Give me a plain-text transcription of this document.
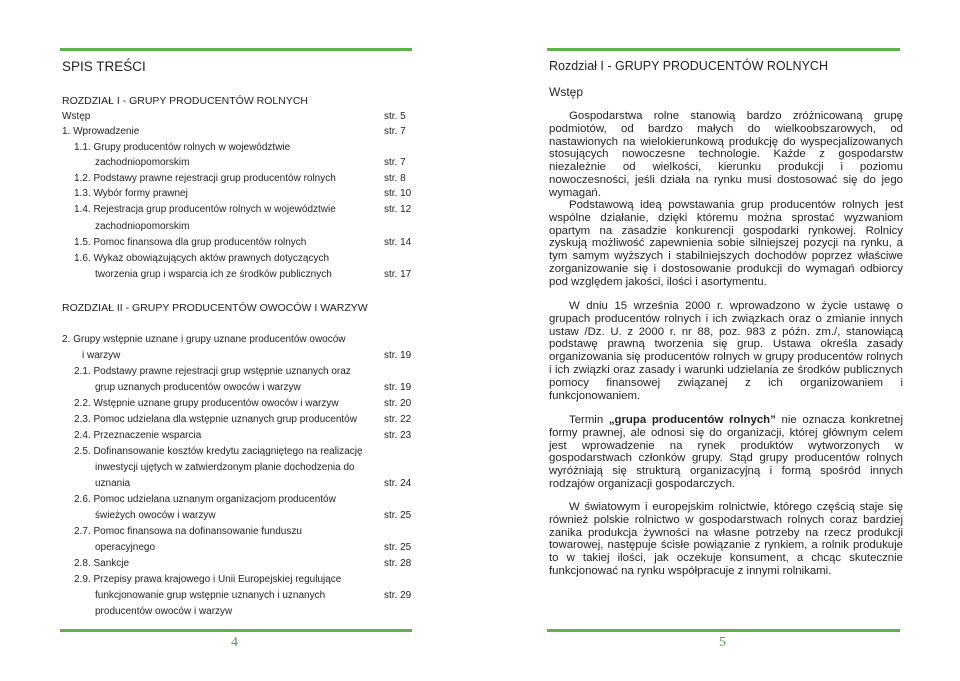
SPIS TREŚCI
ROZDZIAŁ I - GRUPY PRODUCENTÓW ROLNYCH
ROZDZIAŁ II - GRUPY PRODUCENTÓW OWOCÓW I WARZYW
Wstęp	str. 5
1. Wprowadzenie	str. 7
1.1. Grupy producentów rolnych w województwie
zachodniopomorskim	str. 7
1.2. Podstawy prawne rejestracji grup producentów rolnych	str. 8
1.3. Wybór formy prawnej	str. 10
1.4. Rejestracja grup producentów rolnych w województwie	str. 12
zachodniopomorskim
1.5. Pomoc finansowa dla grup producentów rolnych	str. 14
1.6. Wykaz obowiązujących aktów prawnych dotyczących
tworzenia grup i wsparcia ich ze środków publicznych	str. 17
2. Grupy wstępnie uznane i grupy uznane producentów owoców
i warzyw	str. 19
2.1. Podstawy prawne rejestracji grup wstępnie uznanych oraz
grup uznanych producentów owoców i warzyw	str. 19
2.2. Wstępnie uznane grupy producentów owoców i warzyw	str. 20
2.3. Pomoc udzielana dla wstępnie uznanych grup producentów	str. 22
2.4. Przeznaczenie wsparcia	str. 23
2.5. Dofinansowanie kosztów kredytu zaciągniętego na realizację
inwestycji ujętych w zatwierdzonym planie dochodzenia do
uznania	str. 24
2.6. Pomoc udzielana uznanym organizacjom producentów
świeżych owoców i warzyw	str. 25
2.7. Pomoc finansowa na dofinansowanie funduszu
operacyjnego	str. 25
2.8. Sankcje	str. 28
2.9. Przepisy prawa krajowego i Unii Europejskiej regulujące
funkcjonowanie grup wstępnie uznanych i uznanych	str. 29
producentów owoców i warzyw
4
Rozdział I - GRUPY PRODUCENTÓW ROLNYCH
Wstęp

Gospodarstwa rolne stanowią bardzo zróżnicowaną grupę podmiotów, od bardzo małych do wielkoobszarowych, od nastawionych na wielokierunkową produkcję do wyspecjalizowanych stosujących nowoczesne technologie. Każde z gospodarstw niezależnie od wielkości, kierunku produkcji i poziomu nowoczesności, jeśli działa na rynku musi dostosować się do jego wymagań.

Podstawową ideą powstawania grup producentów rolnych jest wspólne działanie, dzięki któremu można sprostać wyzwaniom opartym na zasadzie konkurencji gospodarki rynkowej. Rolnicy zyskują możliwość zapewnienia sobie silniejszej pozycji na rynku, a tym samym wyższych i stabilniejszych dochodów poprzez właściwe zorganizowanie się i dostosowanie produkcji do wymagań odbiorcy pod względem jakości, ilości i asortymentu.

W dniu 15 września 2000 r. wprowadzono w życie ustawę o grupach producentów rolnych i ich związkach oraz o zmianie innych ustaw /Dz. U. z 2000 r. nr 88, poz. 983 z późn. zm./, stanowiącą podstawę prawną tworzenia się grup. Ustawa określa zasady organizowania się producentów rolnych w grupy producentów rolnych i ich związki oraz zasady i warunki udzielania ze środków publicznych pomocy finansowej związanej z ich organizowaniem i funkcjonowaniem.

Termin „grupa producentów rolnych” nie oznacza konkretnej formy prawnej, ale odnosi się do organizacji, której głównym celem jest wprowadzenie na rynek produktów wytworzonych w gospodarstwach członków grupy. Stąd grupy producentów rolnych wyróżniają się strukturą organizacyjną i formą spośród innych rodzajów organizacji gospodarczych.

W światowym i europejskim rolnictwie, którego częścią staje się również polskie rolnictwo w gospodarstwach rolnych coraz bardziej zanika produkcja żywności na własne potrzeby na rzecz produkcji towarowej, następuje ścisłe powiązanie z rynkiem, a rolnik produkuje to w takiej ilości, jak oczekuje konsument, a chcąc skutecznie funkcjonować na rynku współpracuje z innymi rolnikami.

5
